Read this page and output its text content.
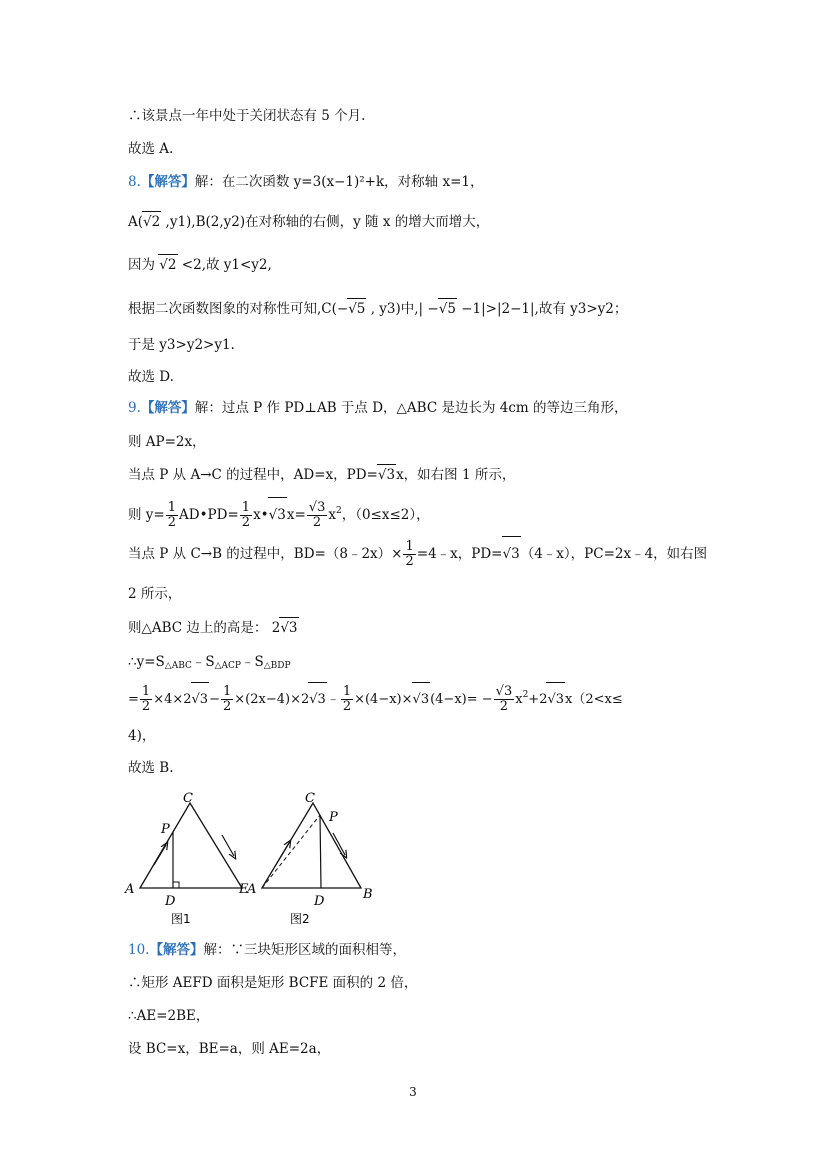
∴该景点一年中处于关闭状态有 5 个月.
故选 A.
8.【解答】解：在二次函数 y=3(x−1)²+k，对称轴 x=1，
A(√2 ,y1),B(2,y2)在对称轴的右侧，y 随 x 的增大而增大，
因为 √2 <2,故 y1<y2,
根据二次函数图象的对称性可知,C(−√5 , y3)中,| −√5 −1|>|2−1|,故有 y3>y2；
于是 y3>y2>y1.
故选 D.
9.【解答】解：过点 P 作 PD⊥AB 于点 D，△ABC 是边长为 4cm 的等边三角形，
则 AP=2x，
当点 P 从 A→C 的过程中，AD=x，PD=√3x，如右图 1 所示，
则 $y= \frac{1}{2}$ AD•PD= $\frac{1}{2}$ x•√3x= $\frac{√3}{2} x^2$，（0≤x≤2），
当点 P 从 C→B 的过程中，BD=（8﹣2x）× $\frac{1}{2}$ =4﹣x，PD=√3（4﹣x），PC=2x﹣4，如右图
2 所示，
则△ABC 边上的高是： 2√3
$\therefore y=S_{\triangle ABC}﹣S_{\triangle ACP}﹣S_{\triangle BDP}$
= $\frac{1}{2} \times 4\times 2√3- \frac{1}{2}$ ×(2x−4)×2√3﹣ $\frac{1}{2} \times(4-x)\times√3(4-x)= - \frac{√3}{2} x^2+2√3x(2<x\le$
4)，
故选 B.
C
P
A
D
E
图1
C
P
A
D	B
图2
10.【解答】解：∵三块矩形区域的面积相等，
∴矩形 AEFD 面积是矩形 BCFE 面积的 2 倍，
∴AE=2BE，
设 BC=x，BE=a，则 AE=2a，
3
